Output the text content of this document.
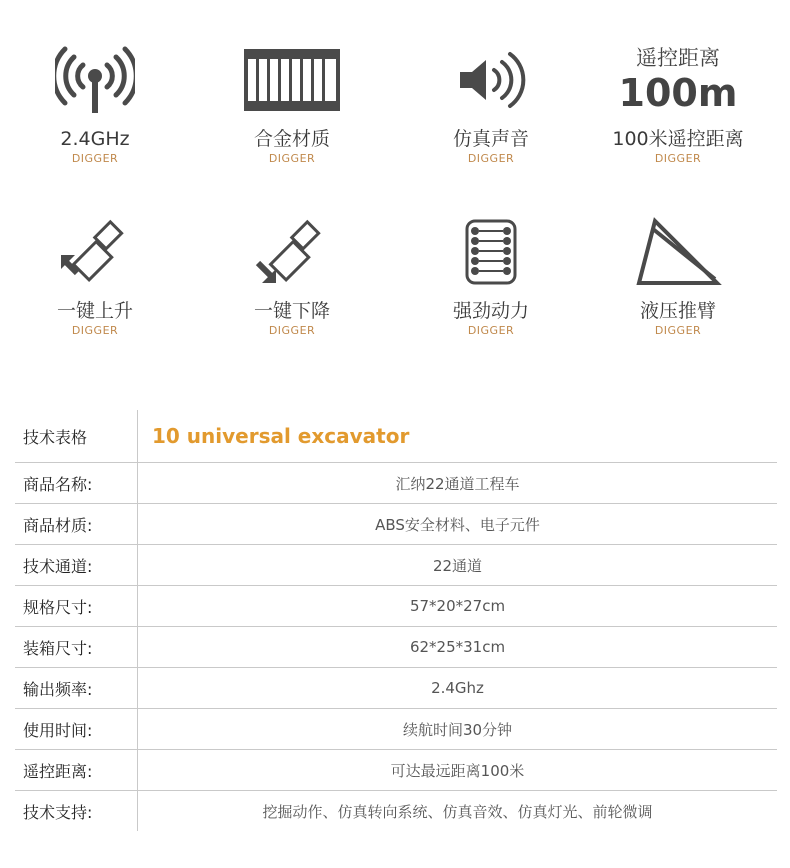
2.4GHz
DIGGER
合金材质
DIGGER
仿真声音
DIGGER
遥控距离
100m
100米遥控距离
DIGGER
一键上升
DIGGER
一键下降
DIGGER
强劲动力
DIGGER
液压推臂
DIGGER
技术表格	10 universal excavator
商品名称:	汇纳22通道工程车
商品材质:	ABS安全材料、电子元件
技术通道:	22通道
规格尺寸:	57*20*27cm
装箱尺寸:	62*25*31cm
输出频率:	2.4Ghz
使用时间:	续航时间30分钟
遥控距离:	可达最远距离100米
技术支持:	挖掘动作、仿真转向系统、仿真音效、仿真灯光、前轮微调
